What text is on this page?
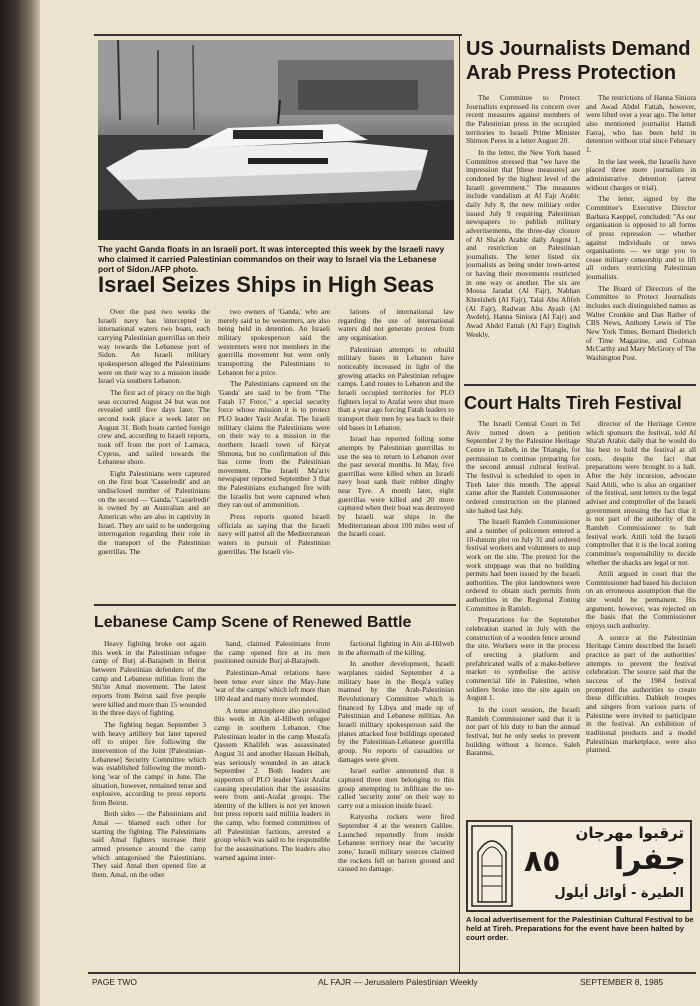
The yacht Ganda floats in an Israeli port. It was intercepted this week by the Israeli navy who claimed it carried Palestinian commandos on their way to Israel via the Lebanese port of Sidon./AFP photo.
Israel Seizes Ships in High Seas

Over the past two weeks the Israeli navy has intercepted in international waters two boats, each carrying Palestinian guerrillas on their way towards the Lebanese port of Sidon. An Israeli military spokesperson alleged the Palestinians were on their way to a mission inside Israel via southern Lebanon.

The first act of piracy on the high seas occurred August 24 but was not revealed until five days later. The second took place a week later on August 31. Both boats carried foreign crew and, according to Israeli reports, took off from the port of Larnaca, Cyprus, and sailed towards the Lebanese shore.

Eight Palestinians were captured on the first boat 'Casselredit' and an undisclosed number of Palestinians on the second — 'Ganda.' 'Casselredit' is owned by an Australian and an American who are also in captivity in Israel. They are said to be undergoing interrogation regarding their role in the transport of the Palestinian guerrillas. The

two owners of 'Ganda,' who are merely said to be westerners, are also being held in detention. An Israeli military spokesperson said the westerners were not members in the guerrilla movement but were only transporting the Palestinians to Lebanon for a price.

The Palestinians captured on the 'Ganda' are said to be from "The Fatah 17 Force," a special security force whose mission it is to protect PLO leader Yasir Arafat. The Israeli military claims the Palestinians were on their way to a mission in the northern Israeli town of Kiryat Shmona, but no confirmation of this has come from the Palestinian movement. The Israeli Ma'ariv newspaper reported September 3 that the Palestinians exchanged fire with the Israelis but were captured when they ran out of ammunition.

Press reports quoted Israeli officials as saying that the Israeli navy will patrol all the Mediterranean waters in pursuit of Palestinian guerrillas. The Israeli vio-

lations of international law regarding the use of international waters did not generate protest from any organisation.

Palestinian attempts to rebuild military bases in Lebanon have noticeably increased in light of the growing attacks on Palestinian refugee camps. Land routes to Lebanon and the Israeli occupied territories for PLO fighters loyal to Arafat were shut more than a year ago forcing Fatah leaders to transport their men by sea back to their old bases in Lebanon.

Israel has reported foiling some attempts by Palestinian guerrillas to use the sea to return to Lebanon over the past several months. In May, five guerrillas were killed when an Israeli navy boat sank their rubber dinghy near Tyre. A month later, eight guerrillas were killed and 20 more captured when their boat was destroyed by Israeli war ships in the Mediterranean about 100 miles west of the Israeli coast.

Lebanese Camp Scene of Renewed Battle

Heavy fighting broke out again this week in the Palestinian refugee camp of Burj al-Barajneh in Beirut between Palestinian defenders of the camp and Lebanese militias from the Shi'ite Amal movement. The latest reports from Beirut said five people were killed and more than 15 wounded in the three days of fighting.

The fighting began September 3 with heavy artillery but later tapered off to sniper fire following the intervention of the Joint [Palestinian-Lebanese] Security Committee which was established following the month-long 'war of the camps' in June. The situation, however, remained tense and explosive, according to press reports from Beirut.

Both sides — the Palestinians and Amal — blamed each other for starting the fighting. The Palestinians said Amal fighters increase their armed presence around the camp which antagonised the Palestinians. They said Amal then opened fire at them. Amal, on the other

hand, claimed Palestinians from the camp opened fire at its men positioned outside Burj al-Barajneh.

Palestinian-Amal relations have been tense ever since the May-June 'war of the camps' which left more than 100 dead and many more wounded.

A tense atmosphere also prevailed this week in Ain al-Hilweh refugee camp in southern Lebanon. One Palestinian leader in the camp Mustafa Qassem Khalifeh was assassinated August 31 and another Hassan Heibah, was seriously wounded in an attack September 2. Both leaders are supporters of PLO leader Yasir Arafat causing speculation that the assassins were from anti-Arafat groups. The identity of the killers is not yet known but press reports said militia leaders in the camp, who formed committees of all Palestinian factions, arrested a group which was said to be responsible for the assassinations. The leaders also warned against inter-

factional fighting in Ain al-Hilweh in the aftermath of the killing.

In another development, Israeli warplanes raided September 4 a military base in the Beqa'a valley manned by the Arab-Palestinian Revolutionary Committee which is financed by Libya and made up of Palestinian and Lebanese militias. An Israeli military spokesperson said the planes attacked four buildings operated by the Palestinian-Lebanese guerrilla group. No reports of casualties or damages were given.

Israel earlier announced that it captured three men belonging to this group attempting to infiltrate the so-called 'security zone' on their way to carry out a mission inside Israel.

Katyusha rockets were fired September 4 at the western Galilee. Launched reportedly from inside Lebanese territory near the 'security zone,' Israeli military sources claimed the rockets fell on barren ground and caused no damage.

US Journalists Demand
Arab Press Protection

The Committee to Protect Journalists expressed its concern over recent measures against members of the Palestinian press in the occupied territories to Israeli Prime Minister Shimon Peres in a letter August 20.

In the letter, the New York based Committee stressed that "we have the impression that [these measures] are condoned by the highest level of the Israeli government." The measures include vandalism at Al Fajr Arabic daily July 8, the new military order issued July 9 requiring Palestinian newspapers to publish military advertisements, the three-day closure of Al Sha'ab Arabic daily August 1, and restriction on Palestinian journalists. The letter listed six journalists as being under town-arrest or having their movements restricted in one way or another. The six are Mousa Jaradat (Al Fajr), Nabhan Khreisheh (Al Fajr), Talal Abu Afifeh (Al Fajr), Radwan Abu Ayash (Al Awdeh), Hanna Siniora (Al Fajr) and Awad Abdel Fattah (Al Fajr) English Weekly.

The restrictions of Hanna Siniora and Awad Abdel Fattah, however, were lifted over a year ago. The letter also mentioned journalist Hamdi Farraj, who has been held in detention without trial since February 1.

In the last week, the Israelis have placed three more journalists in administrative detention (arrest without charges or trial).

The letter, signed by the Committee's Executive Director Barbara Kaeppel, concluded: "As our organisation is opposed to all forms of press repression — whether against individuals or news organisations — we urge you to cease military censorship and to lift all orders restricting Palestinian journalists.

The Board of Directors of the Committee to Protect Journalists includes such distinguished names as Walter Cronkite and Dan Rather of CBS News, Anthony Lewis of The New York Times, Bernard Diederich of Time Magazine, and Colman McCarthy and Mary McGrory of The Washington Post.

Court Halts Tireh Festival

The Israeli Central Court in Tel Aviv turned down a petition September 2 by the Palestine Heritage Centre in Taibeh, in the Triangle, for permission to continue preparing for the second annual cultural festival. The festival is scheduled to open in Tireh later this month. The appeal came after the Ramleh Commissioner ordered construction on the planned site halted last July.

The Israeli Ramleh Commissioner and a number of policemen entered a 10-dunum plot on July 31 and ordered festival workers and volunteers to stop work on the site. The pretext for the work stoppage was that no building permits had been issued by the Israeli authorities. The plot landowners were ordered to obtain such permits from authorities in the Regional Zoning Committee in Ramleh.

Preparations for the September celebration started in July with the construction of a wooden fence around the site. Workers were in the process of erecting a platform and prefabricated walls of a make-believe market to symbolise the active commercial life in Palestine, when soldiers broke into the site again on August 1.

In the court session, the Israeli Ramleh Commissioner said that it is not part of his duty to ban the annual festival, but he only seeks to prevent building without a licence. Saleh Barannsi,

director of the Heritage Centre which sponsors the festival, told Al Sha'ab Arabic daily that he would do his best to hold the festival at all costs, despite the fact that preparations were brought to a halt. After the July incursion, advocate Said Attili, who is also an organiser of the festival, sent letters to the legal adviser and comptroller of the Israeli government stressing the fact that it is not part of the authority of the Ramleh Commissioner to halt festival work. Attili told the Israeli comptroller that it is the local zoning committee's responsibility to decide whether the shacks are legal or not.

Attili argued in court that the Commissioner had based his decision on an erroneous assumption that the site would be permanent. His argument, however, was rejected on the basis that the Commissioner enjoys such authority.

A source at the Palestinian Heritage Centre described the Israeli practice as part of the authorities' attempts to prevent the festival celebration. The source said that the success of the 1984 festival prompted the authorities to create these difficulties. Dabkeh troupes and singers from various parts of Palestine were invited to participate in the festival. An exhibition of traditional products and a model Palestinian marketplace, were also planned.

ترقبوا مهرجان
٨٥	جفرا
الطيرة - أوائل أيلول
A local advertisement for the Palestinian Cultural Festival to be held at Tireh. Preparations for the event have been halted by court order.
PAGE TWO	AL FAJR — Jerusalem Palestinian Weekly	SEPTEMBER 8, 1985
